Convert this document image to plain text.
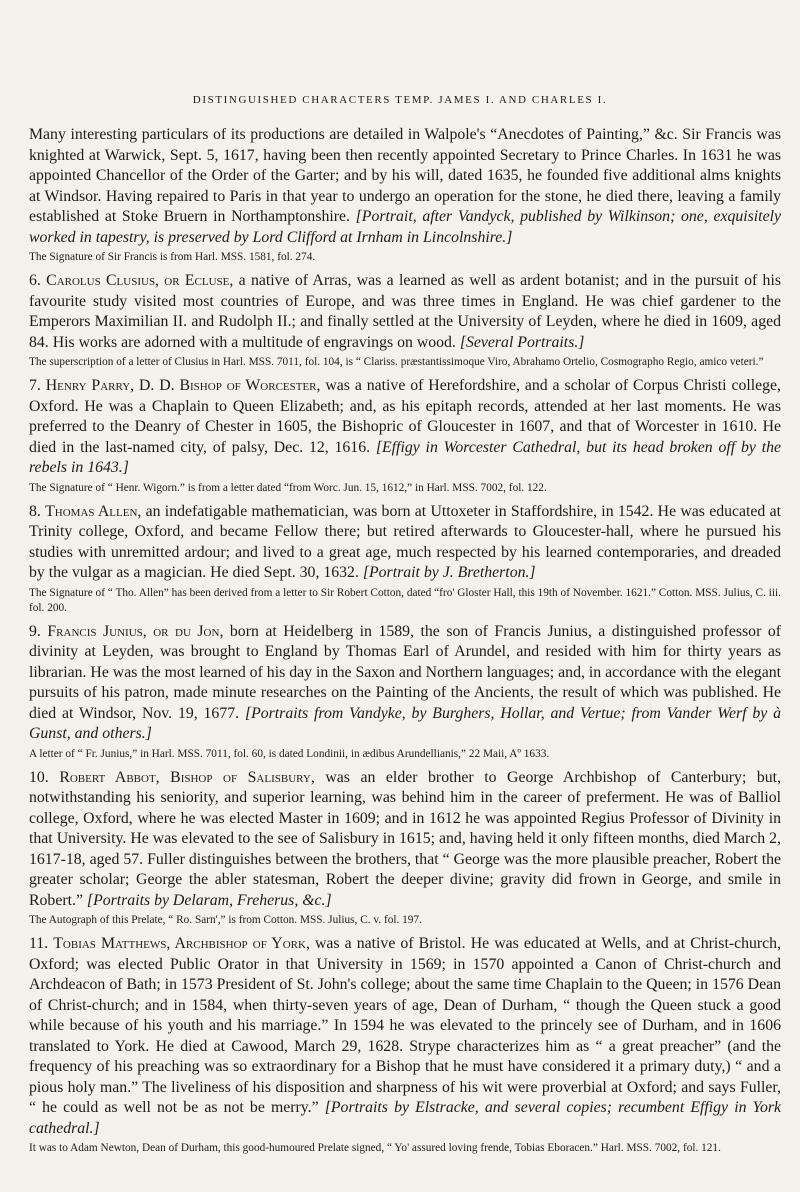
DISTINGUISHED CHARACTERS TEMP. JAMES I. AND CHARLES I.

Many interesting particulars of its productions are detailed in Walpole's “Anecdotes of Painting,” &c. Sir Francis was knighted at Warwick, Sept. 5, 1617, having been then recently appointed Secretary to Prince Charles. In 1631 he was appointed Chancellor of the Order of the Garter; and by his will, dated 1635, he founded five additional alms knights at Windsor. Having repaired to Paris in that year to undergo an operation for the stone, he died there, leaving a family established at Stoke Bruern in Northamptonshire. [Portrait, after Vandyck, published by Wilkinson; one, exquisitely worked in tapestry, is preserved by Lord Clifford at Irnham in Lincolnshire.]

The Signature of Sir Francis is from Harl. MSS. 1581, fol. 274.

6. Carolus Clusius, or Ecluse, a native of Arras, was a learned as well as ardent botanist; and in the pursuit of his favourite study visited most countries of Europe, and was three times in England. He was chief gardener to the Emperors Maximilian II. and Rudolph II.; and finally settled at the University of Leyden, where he died in 1609, aged 84. His works are adorned with a multitude of engravings on wood. [Several Portraits.]

The superscription of a letter of Clusius in Harl. MSS. 7011, fol. 104, is “ Clariss. præstantissimoque Viro, Abrahamo Ortelio, Cosmographo Regio, amico veteri.”

7. Henry Parry, D. D. Bishop of Worcester, was a native of Herefordshire, and a scholar of Corpus Christi college, Oxford. He was a Chaplain to Queen Elizabeth; and, as his epitaph records, attended at her last moments. He was preferred to the Deanry of Chester in 1605, the Bishopric of Gloucester in 1607, and that of Worcester in 1610. He died in the last-named city, of palsy, Dec. 12, 1616. [Effigy in Worcester Cathedral, but its head broken off by the rebels in 1643.]

The Signature of “ Henr. Wigorn.” is from a letter dated “from Worc. Jun. 15, 1612,” in Harl. MSS. 7002, fol. 122.

8. Thomas Allen, an indefatigable mathematician, was born at Uttoxeter in Staffordshire, in 1542. He was educated at Trinity college, Oxford, and became Fellow there; but retired afterwards to Gloucester-hall, where he pursued his studies with unremitted ardour; and lived to a great age, much respected by his learned contemporaries, and dreaded by the vulgar as a magician. He died Sept. 30, 1632. [Portrait by J. Bretherton.]

The Signature of “ Tho. Allen” has been derived from a letter to Sir Robert Cotton, dated “fro' Gloster Hall, this 19th of November. 1621.” Cotton. MSS. Julius, C. iii. fol. 200.

9. Francis Junius, or du Jon, born at Heidelberg in 1589, the son of Francis Junius, a distinguished professor of divinity at Leyden, was brought to England by Thomas Earl of Arundel, and resided with him for thirty years as librarian. He was the most learned of his day in the Saxon and Northern languages; and, in accordance with the elegant pursuits of his patron, made minute researches on the Painting of the Ancients, the result of which was published. He died at Windsor, Nov. 19, 1677. [Portraits from Vandyke, by Burghers, Hollar, and Vertue; from Vander Werf by à Gunst, and others.]

A letter of “ Fr. Junius,” in Harl. MSS. 7011, fol. 60, is dated Londinii, in ædibus Arundellianis,” 22 Maii, Aº 1633.

10. Robert Abbot, Bishop of Salisbury, was an elder brother to George Archbishop of Canterbury; but, notwithstanding his seniority, and superior learning, was behind him in the career of preferment. He was of Balliol college, Oxford, where he was elected Master in 1609; and in 1612 he was appointed Regius Professor of Divinity in that University. He was elevated to the see of Salisbury in 1615; and, having held it only fifteen months, died March 2, 1617-18, aged 57. Fuller distinguishes between the brothers, that “ George was the more plausible preacher, Robert the greater scholar; George the abler statesman, Robert the deeper divine; gravity did frown in George, and smile in Robert.” [Portraits by Delaram, Freherus, &c.]

The Autograph of this Prelate, “ Ro. Sarn',” is from Cotton. MSS. Julius, C. v. fol. 197.

11. Tobias Matthews, Archbishop of York, was a native of Bristol. He was educated at Wells, and at Christ-church, Oxford; was elected Public Orator in that University in 1569; in 1570 appointed a Canon of Christ-church and Archdeacon of Bath; in 1573 President of St. John's college; about the same time Chaplain to the Queen; in 1576 Dean of Christ-church; and in 1584, when thirty-seven years of age, Dean of Durham, “ though the Queen stuck a good while because of his youth and his marriage.” In 1594 he was elevated to the princely see of Durham, and in 1606 translated to York. He died at Cawood, March 29, 1628. Strype characterizes him as “ a great preacher” (and the frequency of his preaching was so extraordinary for a Bishop that he must have considered it a primary duty,) “ and a pious holy man.” The liveliness of his disposition and sharpness of his wit were proverbial at Oxford; and says Fuller, “ he could as well not be as not be merry.” [Portraits by Elstracke, and several copies; recumbent Effigy in York cathedral.]

It was to Adam Newton, Dean of Durham, this good-humoured Prelate signed, “ Yo' assured loving frende, Tobias Eboracen.” Harl. MSS. 7002, fol. 121.
